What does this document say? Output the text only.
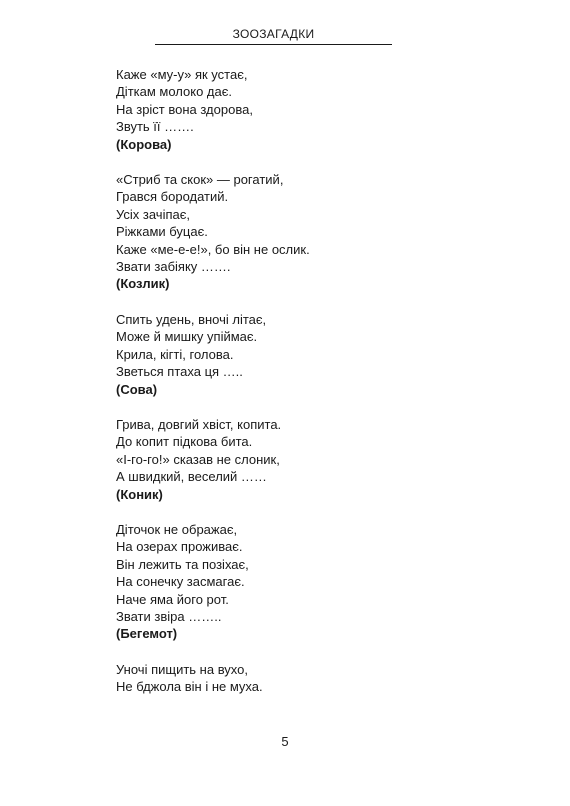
ЗООЗАГАДКИ
Каже «му-у» як устає,
Діткам молоко дає.
На зріст вона здорова,
Звуть її …….
(Корова)
«Стриб та скок» — рогатий,
Грався бородатий.
Усіх зачіпає,
Ріжками буцає.
Каже «ме-е-е!», бо він не ослик.
Звати забіяку …….
(Козлик)
Спить удень, вночі літає,
Може й мишку упіймає.
Крила, кігті, голова.
Зветься птаха ця …..
(Сова)
Грива, довгий хвіст, копита.
До копит підкова бита.
«І-го-го!» сказав не слоник,
А швидкий, веселий ……
(Коник)
Діточок не ображає,
На озерах проживає.
Він лежить та позіхає,
На сонечку засмагає.
Наче яма його рот.
Звати звіра ……..
(Бегемот)
Уночі пищить на вухо,
Не бджола він і не муха.
5
